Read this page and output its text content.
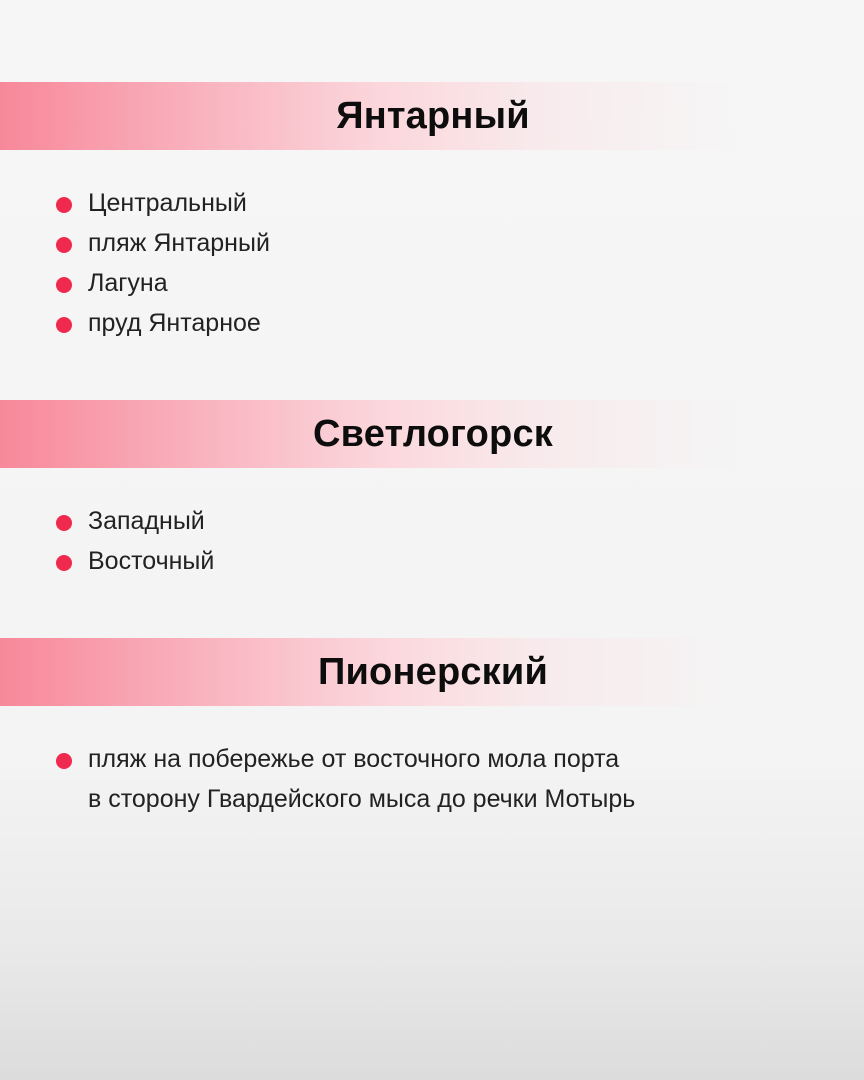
Янтарный
Центральный
пляж Янтарный
Лагуна
пруд Янтарное
Светлогорск
Западный
Восточный
Пионерский
пляж на побережье от восточного мола порта
в сторону Гвардейского мыса до речки Мотырь
